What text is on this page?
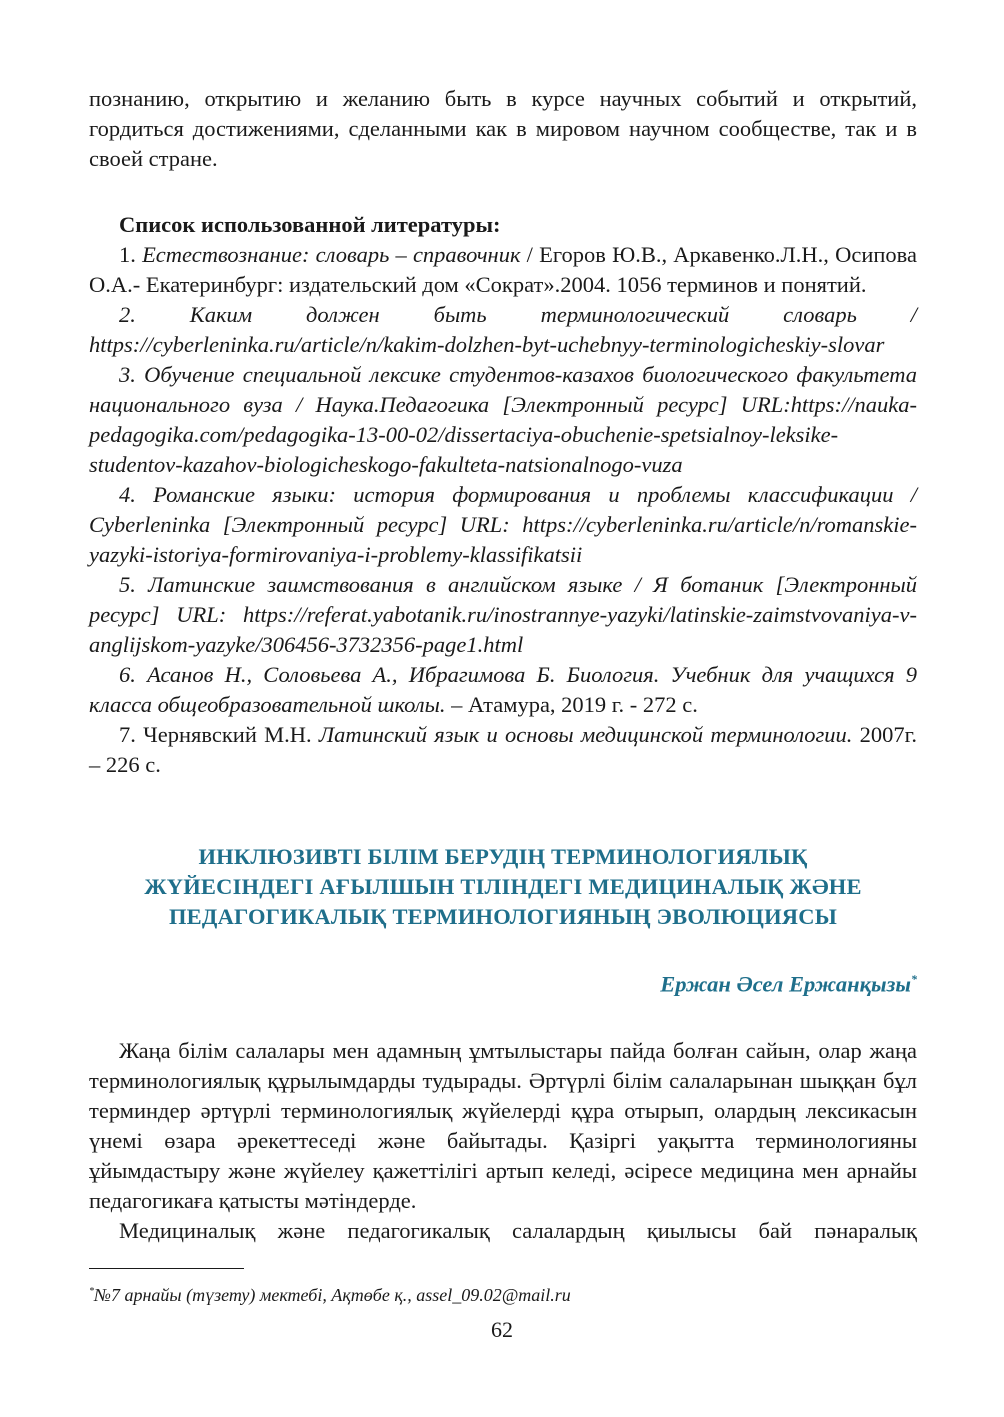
познанию, открытию и желанию быть в курсе научных событий и открытий, гордиться достижениями, сделанными как в мировом научном сообществе, так и в своей стране.

Список использованной литературы:

1. Естествознание: словарь – справочник / Егоров Ю.В., Аркавенко.Л.Н., Осипова О.А.- Екатеринбург: издательский дом «Сократ».2004. 1056 терминов и понятий.

2. Каким должен быть терминологический словарь / https://cyberleninka.ru/article/n/kakim-dolzhen-byt-uchebnyy-terminologicheskiy-slovar

3. Обучение специальной лексике студентов-казахов биологического факультета национального вуза / Наука.Педагогика [Электронный ресурс] URL:https://nauka-pedagogika.com/pedagogika-13-00-02/dissertaciya-obuchenie-spetsialnoy-leksike-studentov-kazahov-biologicheskogo-fakulteta-natsionalnogo-vuza

4. Романские языки: история формирования и проблемы классификации / Cyberleninka [Электронный ресурс] URL: https://cyberleninka.ru/article/n/romanskie-yazyki-istoriya-formirovaniya-i-problemy-klassifikatsii

5. Латинские заимствования в английском языке / Я ботаник [Электронный ресурс] URL: https://referat.yabotanik.ru/inostrannye-yazyki/latinskie-zaimstvovaniya-v-anglijskom-yazyke/306456-3732356-page1.html

6. Асанов Н., Соловьева А., Ибрагимова Б. Биология. Учебник для учащихся 9 класса общеобразовательной школы. – Атамура, 2019 г. - 272 с.

7. Чернявский М.Н. Латинский язык и основы медицинской терминологии. 2007г. – 226 с.

ИНКЛЮЗИВТІ БІЛІМ БЕРУДІҢ ТЕРМИНОЛОГИЯЛЫҚ
ЖҮЙЕСІНДЕГІ АҒЫЛШЫН ТІЛІНДЕГІ МЕДИЦИНАЛЫҚ ЖӘНЕ
ПЕДАГОГИКАЛЫҚ ТЕРМИНОЛОГИЯНЫҢ ЭВОЛЮЦИЯСЫ
Ержан Әсел Ержанқызы*

Жаңа білім салалары мен адамның ұмтылыстары пайда болған сайын, олар жаңа терминологиялық құрылымдарды тудырады. Әртүрлі білім салаларынан шыққан бұл терминдер әртүрлі терминологиялық жүйелерді құра отырып, олардың лексикасын үнемі өзара әрекеттеседі және байытады. Қазіргі уақытта терминологияны ұйымдастыру және жүйелеу қажеттілігі артып келеді, әсіресе медицина мен арнайы педагогикаға қатысты мәтіндерде.

Медициналық және педагогикалық салалардың қиылысы бай пәнаралық

*№7 арнайы (түзету) мектебі, Ақтөбе қ., assel_09.02@mail.ru
62
